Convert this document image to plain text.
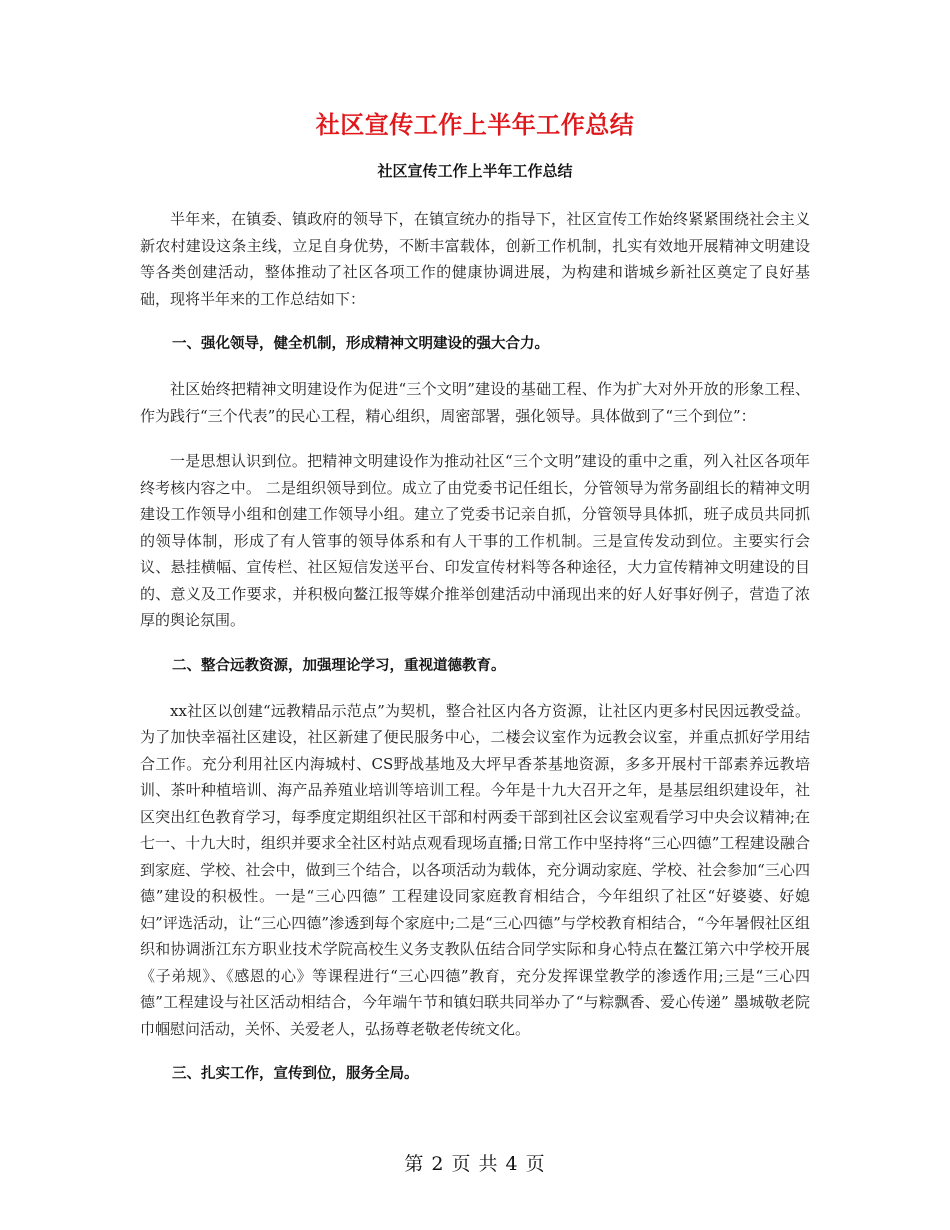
社区宣传工作上半年工作总结
社区宣传工作上半年工作总结

半年来，在镇委、镇政府的领导下，在镇宣统办的指导下，社区宣传工作始终紧紧围绕社会主义新农村建设这条主线，立足自身优势，不断丰富载体，创新工作机制，扎实有效地开展精神文明建设等各类创建活动，整体推动了社区各项工作的健康协调进展，为构建和谐城乡新社区奠定了良好基础，现将半年来的工作总结如下：

一、强化领导，健全机制，形成精神文明建设的强大合力。

社区始终把精神文明建设作为促进“三个文明”建设的基础工程、作为扩大对外开放的形象工程、作为践行“三个代表”的民心工程，精心组织，周密部署，强化领导。具体做到了“三个到位”：

一是思想认识到位。把精神文明建设作为推动社区“三个文明”建设的重中之重，列入社区各项年终考核内容之中。 二是组织领导到位。成立了由党委书记任组长，分管领导为常务副组长的精神文明建设工作领导小组和创建工作领导小组。建立了党委书记亲自抓，分管领导具体抓，班子成员共同抓的领导体制，形成了有人管事的领导体系和有人干事的工作机制。三是宣传发动到位。主要实行会议、悬挂横幅、宣传栏、社区短信发送平台、印发宣传材料等各种途径，大力宣传精神文明建设的目的、意义及工作要求，并积极向鳌江报等媒介推举创建活动中涌现出来的好人好事好例子，营造了浓厚的舆论氛围。

二、整合远教资源，加强理论学习，重视道德教育。

xx社区以创建“远教精品示范点”为契机，整合社区内各方资源，让社区内更多村民因远教受益。为了加快幸福社区建设，社区新建了便民服务中心，二楼会议室作为远教会议室，并重点抓好学用结合工作。充分利用社区内海城村、CS野战基地及大坪早香茶基地资源，多多开展村干部素养远教培训、茶叶种植培训、海产品养殖业培训等培训工程。今年是十九大召开之年，是基层组织建设年，社区突出红色教育学习，每季度定期组织社区干部和村两委干部到社区会议室观看学习中央会议精神;在七一、十九大时，组织并要求全社区村站点观看现场直播;日常工作中坚持将“三心四德”工程建设融合到家庭、学校、社会中，做到三个结合，以各项活动为载体，充分调动家庭、学校、社会参加“三心四德”建设的积极性。一是“三心四德” 工程建设同家庭教育相结合，今年组织了社区“好婆婆、好媳妇”评选活动，让“三心四德”渗透到每个家庭中;二是“三心四德”与学校教育相结合，“今年暑假社区组织和协调浙江东方职业技术学院高校生义务支教队伍结合同学实际和身心特点在鳌江第六中学校开展《子弟规》、《感恩的心》等课程进行“三心四德”教育，充分发挥课堂教学的渗透作用;三是“三心四德”工程建设与社区活动相结合，今年端午节和镇妇联共同举办了“与粽飘香、爱心传递” 墨城敬老院巾帼慰问活动，关怀、关爱老人，弘扬尊老敬老传统文化。

三、扎实工作，宣传到位，服务全局。

第 2 页 共 4 页
